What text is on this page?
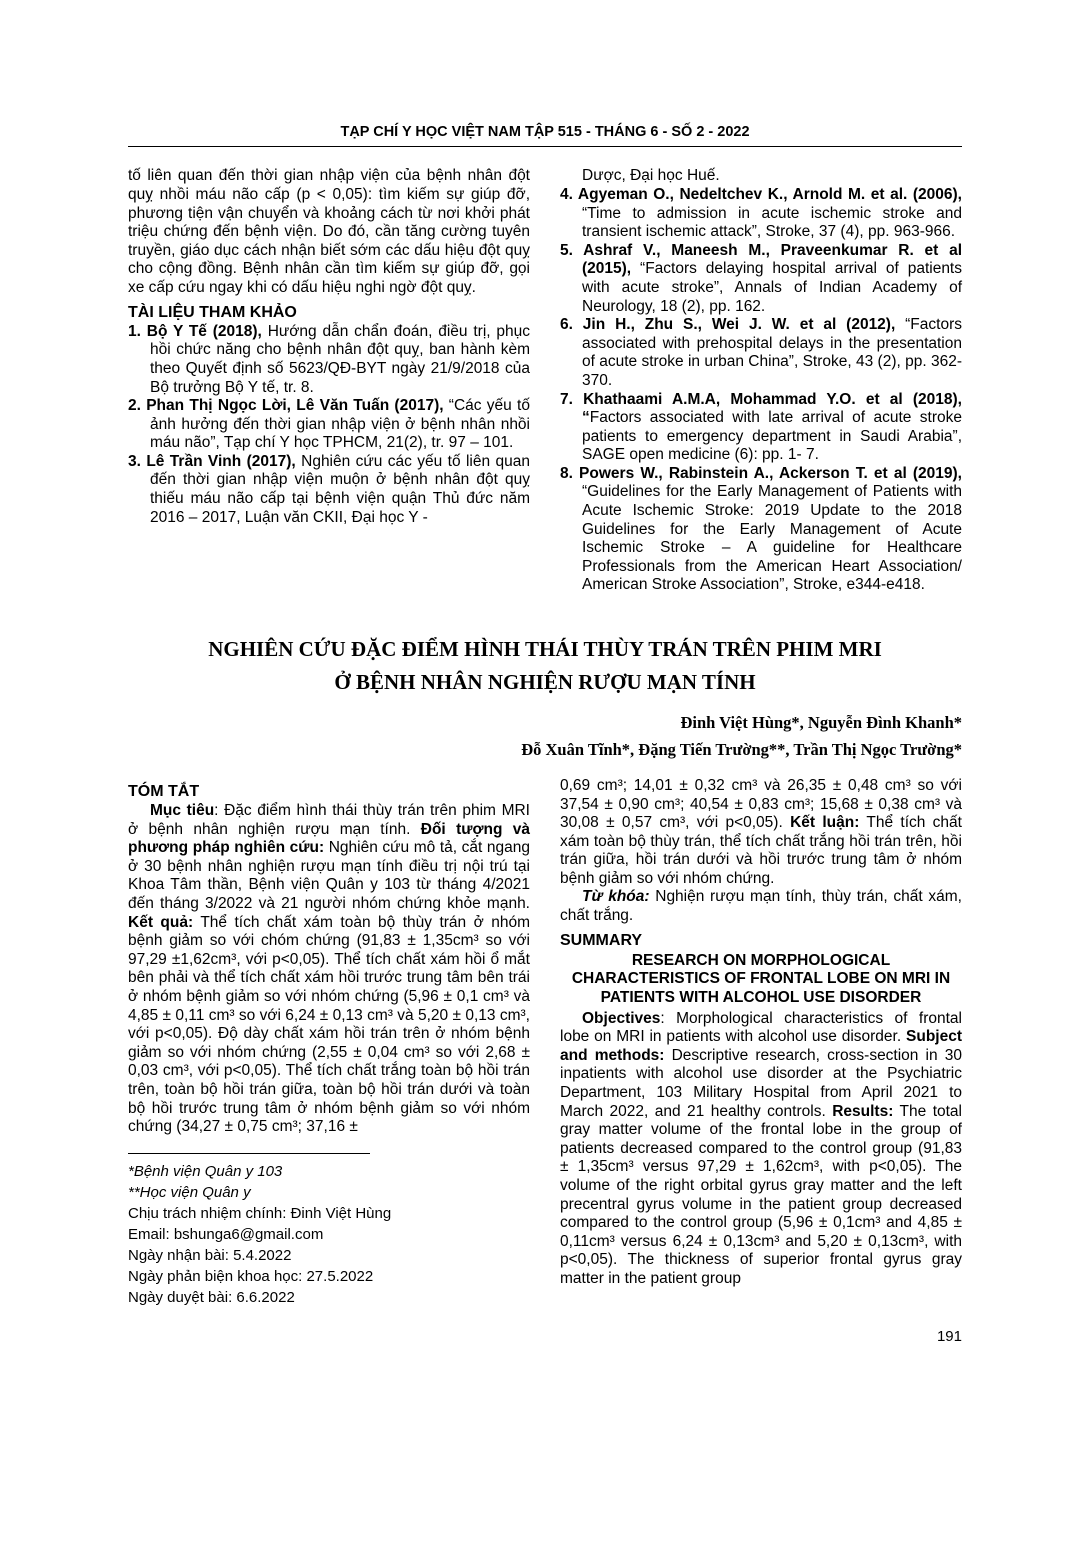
TẠP CHÍ Y HỌC VIỆT NAM TẬP 515 - THÁNG 6 - SỐ 2 - 2022

tố liên quan đến thời gian nhập viện của bệnh nhân đột quỵ nhồi máu não cấp (p < 0,05): tìm kiếm sự giúp đỡ, phương tiện vận chuyển và khoảng cách từ nơi khởi phát triệu chứng đến bệnh viện. Do đó, cần tăng cường tuyên truyền, giáo dục cách nhận biết sớm các dấu hiệu đột quỵ cho cộng đồng. Bệnh nhân cần tìm kiếm sự giúp đỡ, gọi xe cấp cứu ngay khi có dấu hiệu nghi ngờ đột quỵ.

TÀI LIỆU THAM KHẢO
1. Bộ Y Tế (2018), Hướng dẫn chẩn đoán, điều trị, phục hồi chức năng cho bệnh nhân đột quỵ, ban hành kèm theo Quyết định số 5623/QĐ-BYT ngày 21/9/2018 của Bộ trưởng Bộ Y tế, tr. 8.
2. Phan Thị Ngọc Lời, Lê Văn Tuấn (2017), “Các yếu tố ảnh hưởng đến thời gian nhập viện ở bệnh nhân nhồi máu não”, Tạp chí Y học TPHCM, 21(2), tr. 97 – 101.
3. Lê Trần Vinh (2017), Nghiên cứu các yếu tố liên quan đến thời gian nhập viện muộn ở bệnh nhân đột quỵ thiếu máu não cấp tại bệnh viện quận Thủ đức năm 2016 – 2017, Luận văn CKII, Đại học Y -

Dược, Đại học Huế.

4. Agyeman O., Nedeltchev K., Arnold M. et al. (2006), “Time to admission in acute ischemic stroke and transient ischemic attack”, Stroke, 37 (4), pp. 963-966.
5. Ashraf V., Maneesh M., Praveenkumar R. et al (2015), “Factors delaying hospital arrival of patients with acute stroke”, Annals of Indian Academy of Neurology, 18 (2), pp. 162.
6. Jin H., Zhu S., Wei J. W. et al (2012), “Factors associated with prehospital delays in the presentation of acute stroke in urban China”, Stroke, 43 (2), pp. 362-370.
7. Khathaami A.M.A, Mohammad Y.O. et al (2018), “Factors associated with late arrival of acute stroke patients to emergency department in Saudi Arabia”, SAGE open medicine (6): pp. 1- 7.
8. Powers W., Rabinstein A., Ackerson T. et al (2019), “Guidelines for the Early Management of Patients with Acute Ischemic Stroke: 2019 Update to the 2018 Guidelines for the Early Management of Acute Ischemic Stroke – A guideline for Healthcare Professionals from the American Heart Association/ American Stroke Association”, Stroke, e344-e418.
NGHIÊN CỨU ĐẶC ĐIỂM HÌNH THÁI THÙY TRÁN TRÊN PHIM MRI
Ở BỆNH NHÂN NGHIỆN RƯỢU MẠN TÍNH
Đinh Việt Hùng*, Nguyễn Đình Khanh*
Đỗ Xuân Tĩnh*, Đặng Tiến Trường**, Trần Thị Ngọc Trường*
TÓM TẮT

Mục tiêu: Đặc điểm hình thái thùy trán trên phim MRI ở bệnh nhân nghiện rượu mạn tính. Đối tượng và phương pháp nghiên cứu: Nghiên cứu mô tả, cắt ngang ở 30 bệnh nhân nghiện rượu mạn tính điều trị nội trú tại Khoa Tâm thần, Bệnh viện Quân y 103 từ tháng 4/2021 đến tháng 3/2022 và 21 người nhóm chứng khỏe mạnh. Kết quả: Thể tích chất xám toàn bộ thùy trán ở nhóm bệnh giảm so với chóm chứng (91,83 ± 1,35cm³ so với 97,29 ±1,62cm³, với p<0,05). Thể tích chất xám hồi ổ mắt bên phải và thể tích chất xám hồi trước trung tâm bên trái ở nhóm bệnh giảm so với nhóm chứng (5,96 ± 0,1 cm³ và 4,85 ± 0,11 cm³ so với 6,24 ± 0,13 cm³ và 5,20 ± 0,13 cm³, với p<0,05). Độ dày chất xám hồi trán trên ở nhóm bệnh giảm so với nhóm chứng (2,55 ± 0,04 cm³ so với 2,68 ± 0,03 cm³, với p<0,05). Thể tích chất trắng toàn bộ hồi trán trên, toàn bộ hồi trán giữa, toàn bộ hồi trán dưới và toàn bộ hồi trước trung tâm ở nhóm bệnh giảm so với nhóm chứng (34,27 ± 0,75 cm³; 37,16 ±

*Bệnh viện Quân y 103
**Học viện Quân y
Chịu trách nhiệm chính: Đinh Việt Hùng
Email: bshunga6@gmail.com
Ngày nhận bài: 5.4.2022
Ngày phản biện khoa học: 27.5.2022
Ngày duyệt bài: 6.6.2022

0,69 cm³; 14,01 ± 0,32 cm³ và 26,35 ± 0,48 cm³ so với 37,54 ± 0,90 cm³; 40,54 ± 0,83 cm³; 15,68 ± 0,38 cm³ và 30,08 ± 0,57 cm³, với p<0,05). Kết luận: Thể tích chất xám toàn bộ thùy trán, thể tích chất trắng hồi trán trên, hồi trán giữa, hồi trán dưới và hồi trước trung tâm ở nhóm bệnh giảm so với nhóm chứng.

Từ khóa: Nghiện rượu mạn tính, thùy trán, chất xám, chất trắng.

SUMMARY
RESEARCH ON MORPHOLOGICAL CHARACTERISTICS OF FRONTAL LOBE ON MRI IN PATIENTS WITH ALCOHOL USE DISORDER

Objectives: Morphological characteristics of frontal lobe on MRI in patients with alcohol use disorder. Subject and methods: Descriptive research, cross-section in 30 inpatients with alcohol use disorder at the Psychiatric Department, 103 Military Hospital from April 2021 to March 2022, and 21 healthy controls. Results: The total gray matter volume of the frontal lobe in the group of patients decreased compared to the control group (91,83 ± 1,35cm³ versus 97,29 ± 1,62cm³, with p<0,05). The volume of the right orbital gyrus gray matter and the left precentral gyrus volume in the patient group decreased compared to the control group (5,96 ± 0,1cm³ and 4,85 ± 0,11cm³ versus 6,24 ± 0,13cm³ and 5,20 ± 0,13cm³, with p<0,05). The thickness of superior frontal gyrus gray matter in the patient group

191
